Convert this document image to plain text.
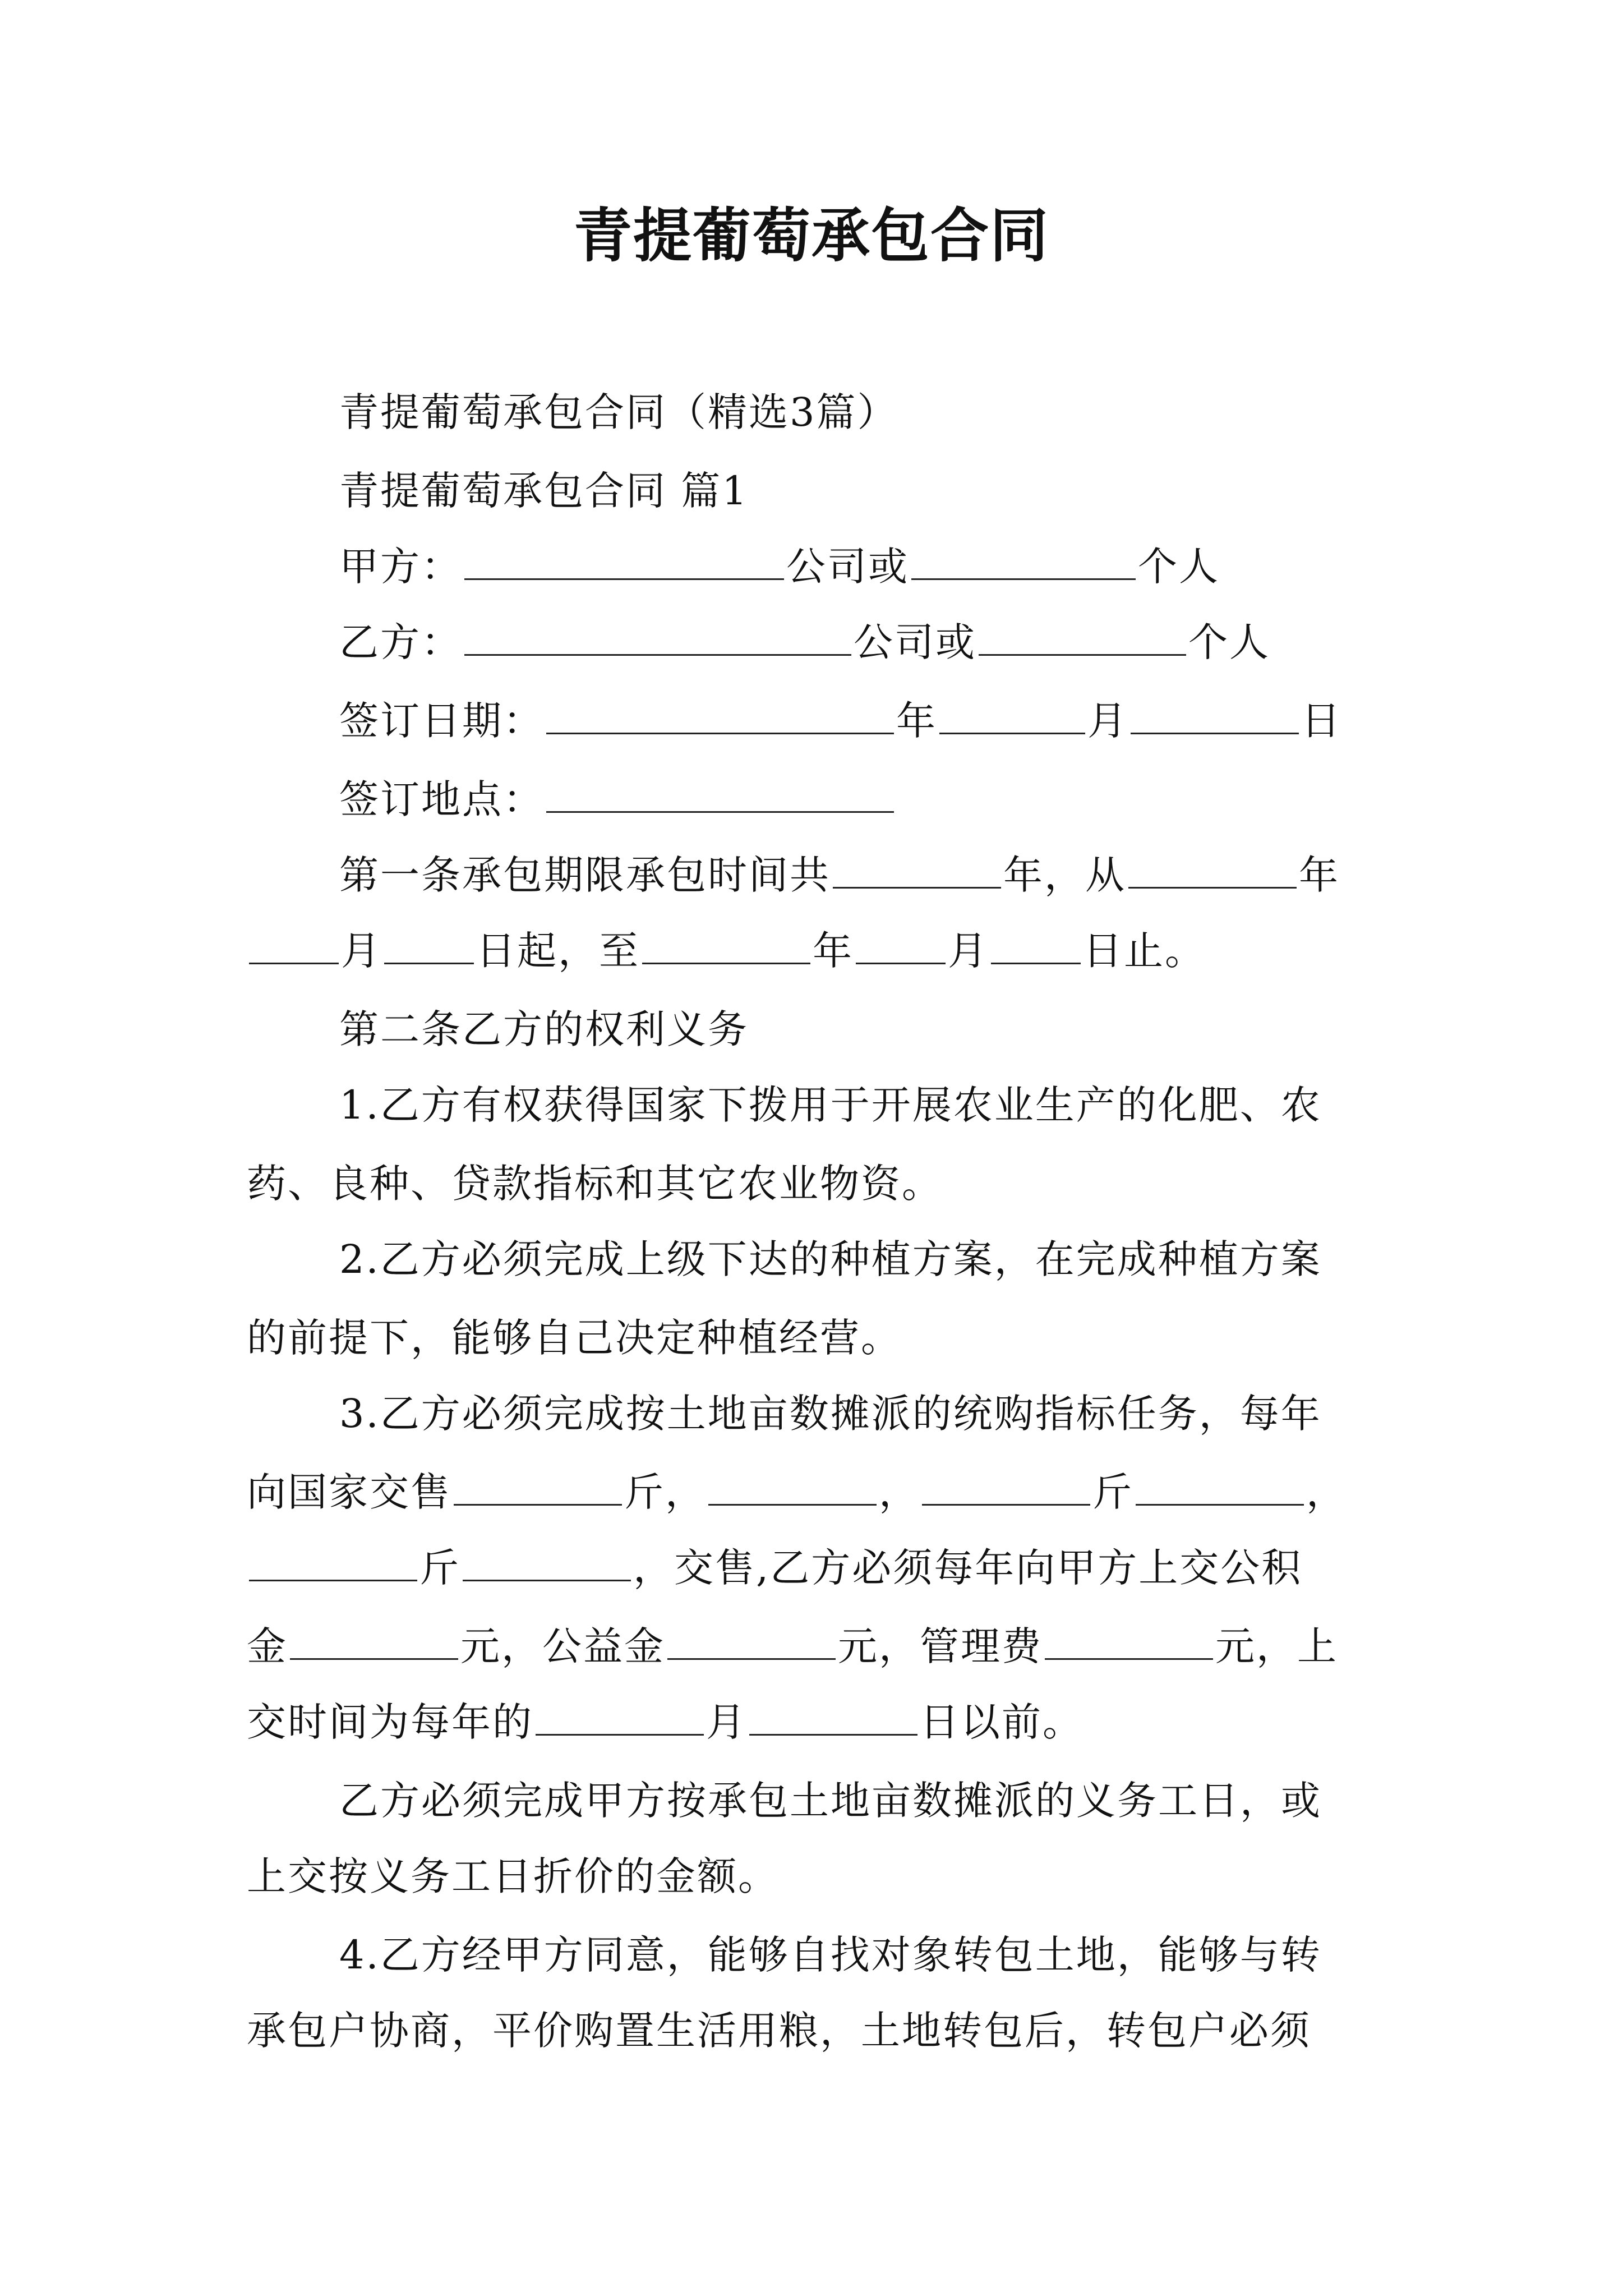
青提葡萄承包合同
青提葡萄承包合同（精选3篇）
青提葡萄承包合同 篇1
甲方：	公司或	个人
乙方：	公司或	个人
签订日期：	年	月	日
签订地点：
第一条承包期限承包时间共	年，从	年
月 日起，至	年 月 日止。
第二条乙方的权利义务
1.乙方有权获得国家下拨用于开展农业生产的化肥、农
药、良种、贷款指标和其它农业物资。
2.乙方必须完成上级下达的种植方案，在完成种植方案
的前提下，能够自己决定种植经营。
3.乙方必须完成按土地亩数摊派的统购指标任务，每年
向国家交售	斤，	，	斤	，
斤	，交售,乙方必须每年向甲方上交公积
金	元，公益金	元，管理费	元，上
交时间为每年的	月	日以前。
乙方必须完成甲方按承包土地亩数摊派的义务工日，或
上交按义务工日折价的金额。
4.乙方经甲方同意，能够自找对象转包土地，能够与转
承包户协商，平价购置生活用粮，土地转包后，转包户必须
